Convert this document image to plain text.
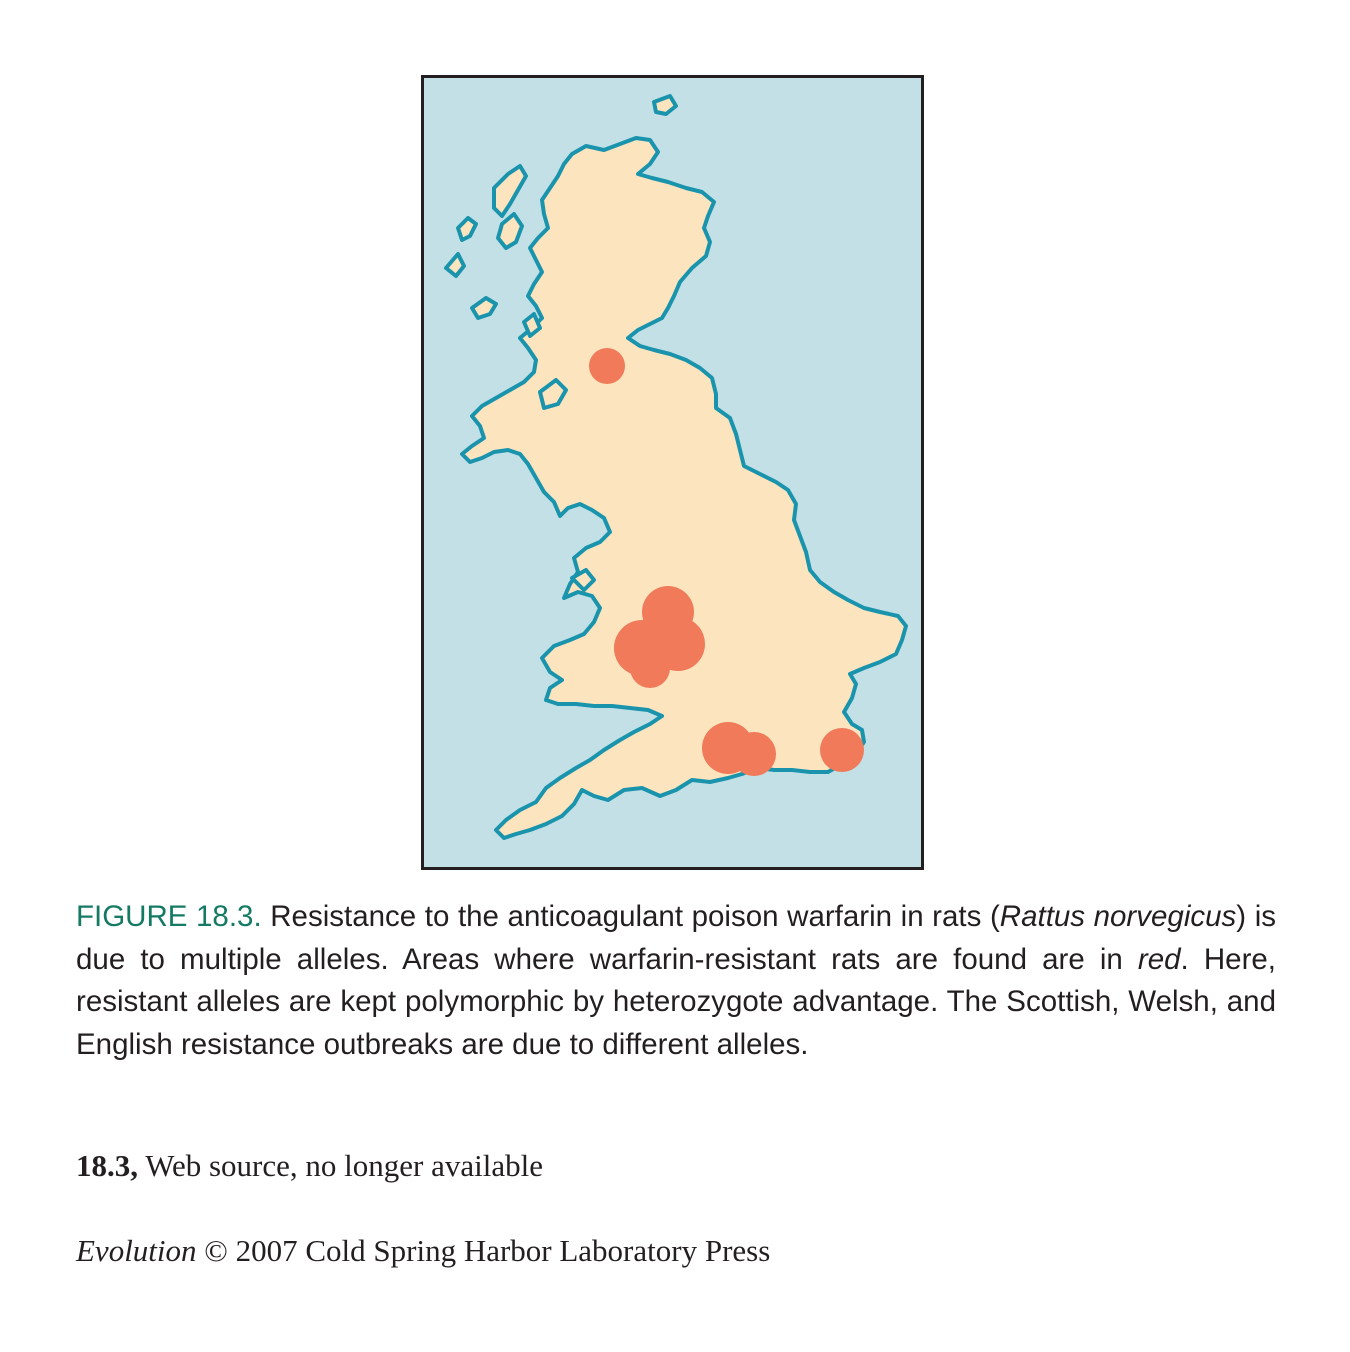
FIGURE 18.3. Resistance to the anticoagulant poison warfarin in rats (Rattus norvegicus) is due to multiple alleles. Areas where warfarin-resistant rats are found are in red. Here, resistant alleles are kept polymorphic by heterozygote advantage. The Scottish, Welsh, and English resistance outbreaks are due to different alleles.

18.3, Web source, no longer available

Evolution © 2007 Cold Spring Harbor Laboratory Press
